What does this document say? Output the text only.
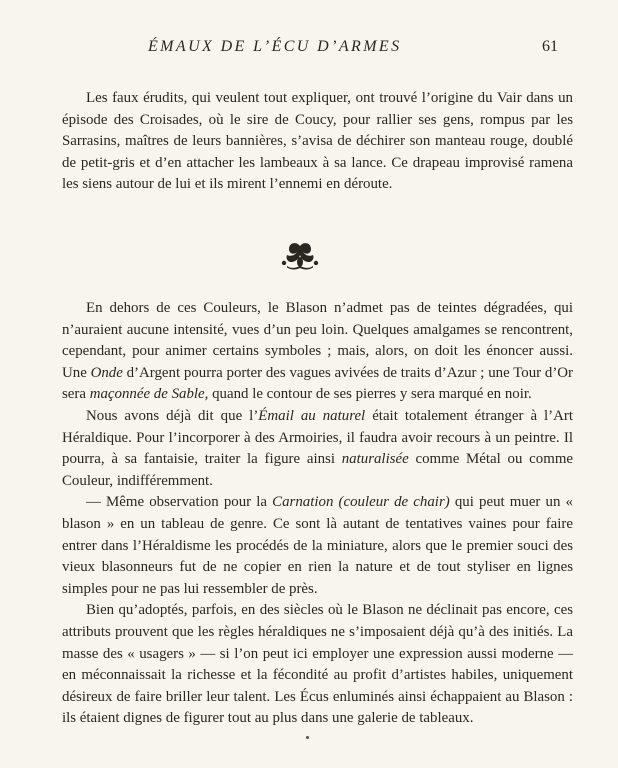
ÉMAUX DE L’ÉCU D’ARMES	61

Les faux érudits, qui veulent tout expliquer, ont trouvé l’origine du Vair dans un épisode des Croisades, où le sire de Coucy, pour rallier ses gens, rompus par les Sarrasins, maîtres de leurs bannières, s’avisa de déchirer son manteau rouge, doublé de petit-gris et d’en attacher les lambeaux à sa lance. Ce drapeau improvisé ramena les siens autour de lui et ils mirent l’ennemi en déroute.

En dehors de ces Couleurs, le Blason n’admet pas de teintes dégradées, qui n’auraient aucune intensité, vues d’un peu loin. Quelques amalgames se rencontrent, cependant, pour animer certains symboles ; mais, alors, on doit les énoncer aussi. Une Onde d’Argent pourra porter des vagues avivées de traits d’Azur ; une Tour d’Or sera maçonnée de Sable, quand le contour de ses pierres y sera marqué en noir.

Nous avons déjà dit que l’Émail au naturel était totalement étranger à l’Art Héraldique. Pour l’incorporer à des Armoiries, il faudra avoir recours à un peintre. Il pourra, à sa fantaisie, traiter la figure ainsi naturalisée comme Métal ou comme Couleur, indifféremment.

— Même observation pour la Carnation (couleur de chair) qui peut muer un « blason » en un tableau de genre. Ce sont là autant de tentatives vaines pour faire entrer dans l’Héraldisme les procédés de la miniature, alors que le premier souci des vieux blasonneurs fut de ne copier en rien la nature et de tout styliser en lignes simples pour ne pas lui ressembler de près.

Bien qu’adoptés, parfois, en des siècles où le Blason ne déclinait pas encore, ces attributs prouvent que les règles héraldiques ne s’imposaient déjà qu’à des initiés. La masse des « usagers » — si l’on peut ici employer une expression aussi moderne — en méconnaissait la richesse et la fécondité au profit d’artistes habiles, uniquement désireux de faire briller leur talent. Les Écus enluminés ainsi échappaient au Blason : ils étaient dignes de figurer tout au plus dans une galerie de tableaux.
